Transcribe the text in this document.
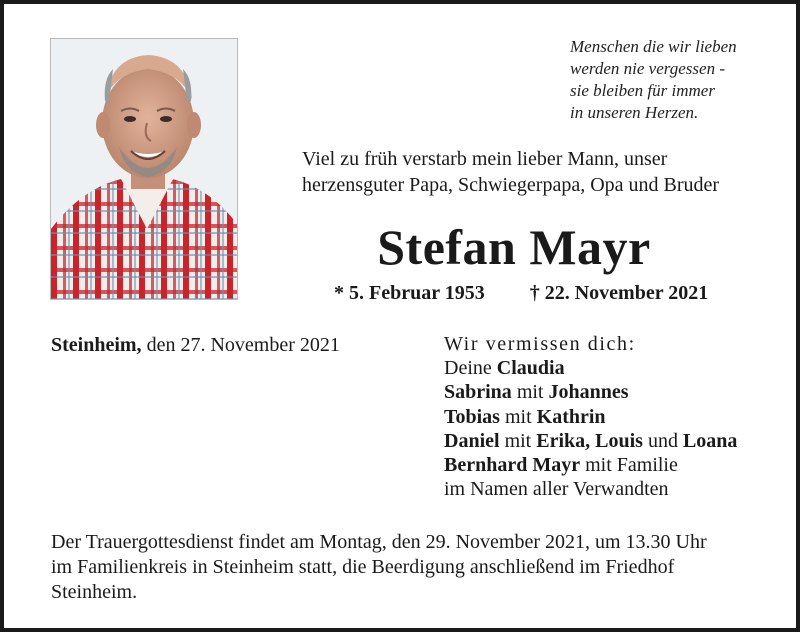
Menschen die wir lieben
werden nie vergessen -
sie bleiben für immer
in unseren Herzen.
Viel zu früh verstarb mein lieber Mann, unser
herzensguter Papa, Schwiegerpapa, Opa und Bruder
Stefan Mayr
* 5. Februar 1953 † 22. November 2021
Steinheim, den 27. November 2021	Wir vermissen dich:
Deine Claudia
Sabrina mit Johannes
Tobias mit Kathrin
Daniel mit Erika, Louis und Loana
Bernhard Mayr mit Familie
im Namen aller Verwandten
Der Trauergottesdienst findet am Montag, den 29. November 2021, um 13.30 Uhr
im Familienkreis in Steinheim statt, die Beerdigung anschließend im Friedhof
Steinheim.
